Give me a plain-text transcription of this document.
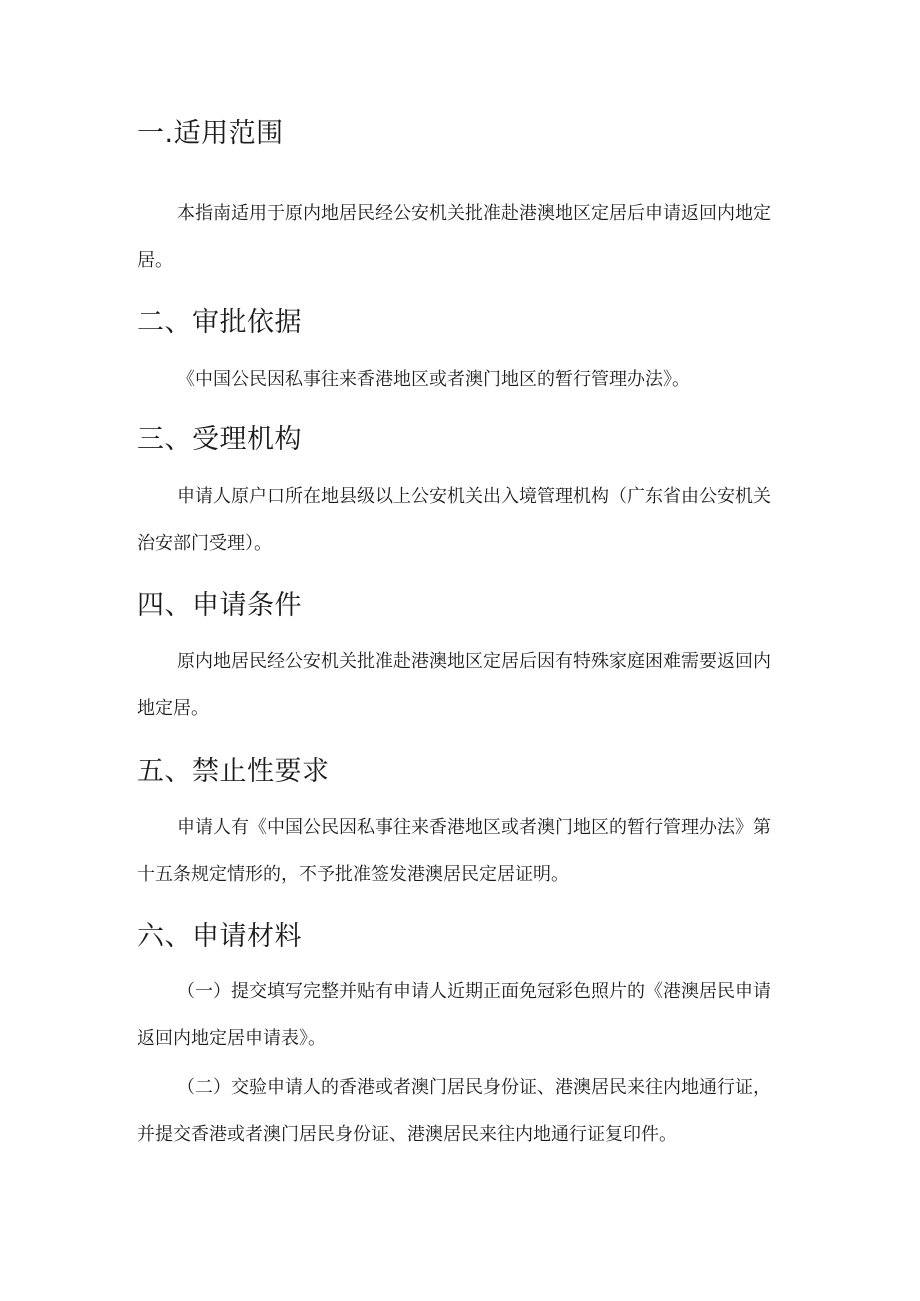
一.适用范围
本指南适用于原内地居民经公安机关批准赴港澳地区定居后申请返回内地定居。
二、审批依据
《中国公民因私事往来香港地区或者澳门地区的暂行管理办法》。
三、受理机构
申请人原户口所在地县级以上公安机关出入境管理机构（广东省由公安机关治安部门受理）。
四、申请条件
原内地居民经公安机关批准赴港澳地区定居后因有特殊家庭困难需要返回内地定居。
五、禁止性要求
申请人有《中国公民因私事往来香港地区或者澳门地区的暂行管理办法》第十五条规定情形的，不予批准签发港澳居民定居证明。
六、申请材料
（一）提交填写完整并贴有申请人近期正面免冠彩色照片的《港澳居民申请返回内地定居申请表》。
（二）交验申请人的香港或者澳门居民身份证、港澳居民来往内地通行证，并提交香港或者澳门居民身份证、港澳居民来往内地通行证复印件。
